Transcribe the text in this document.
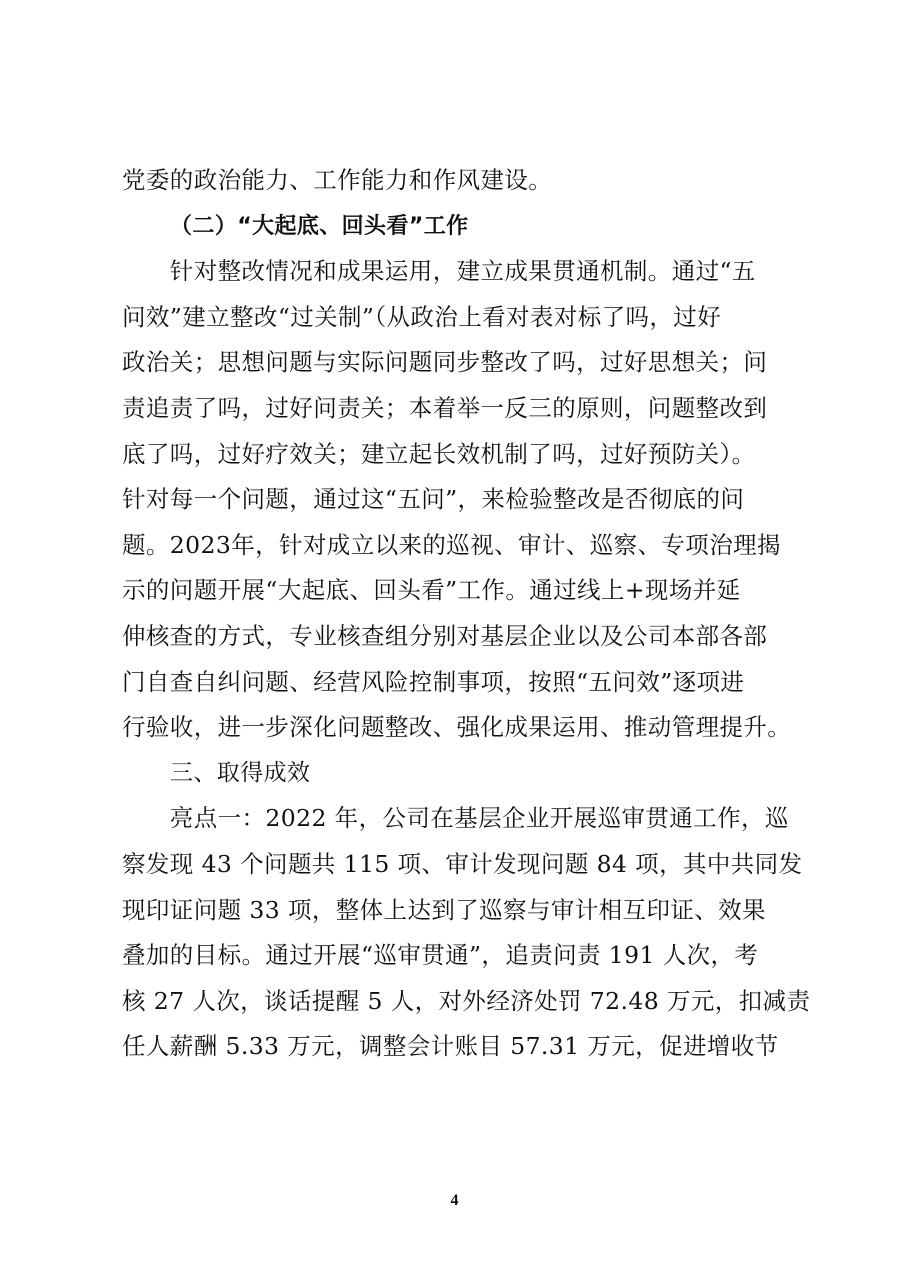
党委的政治能力、工作能力和作风建设。
（二）“大起底、回头看”工作
　　针对整改情况和成果运用，建立成果贯通机制。通过“五
问效”建立整改“过关制”（从政治上看对表对标了吗，过好
政治关；思想问题与实际问题同步整改了吗，过好思想关；问
责追责了吗，过好问责关；本着举一反三的原则，问题整改到
底了吗，过好疗效关；建立起长效机制了吗，过好预防关）。
针对每一个问题，通过这“五问”，来检验整改是否彻底的问
题。2023年，针对成立以来的巡视、审计、巡察、专项治理揭
示的问题开展“大起底、回头看”工作。通过线上+现场并延
伸核查的方式，专业核查组分别对基层企业以及公司本部各部
门自查自纠问题、经营风险控制事项，按照“五问效”逐项进
行验收，进一步深化问题整改、强化成果运用、推动管理提升。
三、取得成效
　　亮点一：2022 年，公司在基层企业开展巡审贯通工作，巡
察发现 43 个问题共 115 项、审计发现问题 84 项，其中共同发
现印证问题 33 项，整体上达到了巡察与审计相互印证、效果
叠加的目标。通过开展“巡审贯通”，追责问责 191 人次，考
核 27 人次，谈话提醒 5 人，对外经济处罚 72.48 万元，扣减责
任人薪酬 5.33 万元，调整会计账目 57.31 万元，促进增收节
4
